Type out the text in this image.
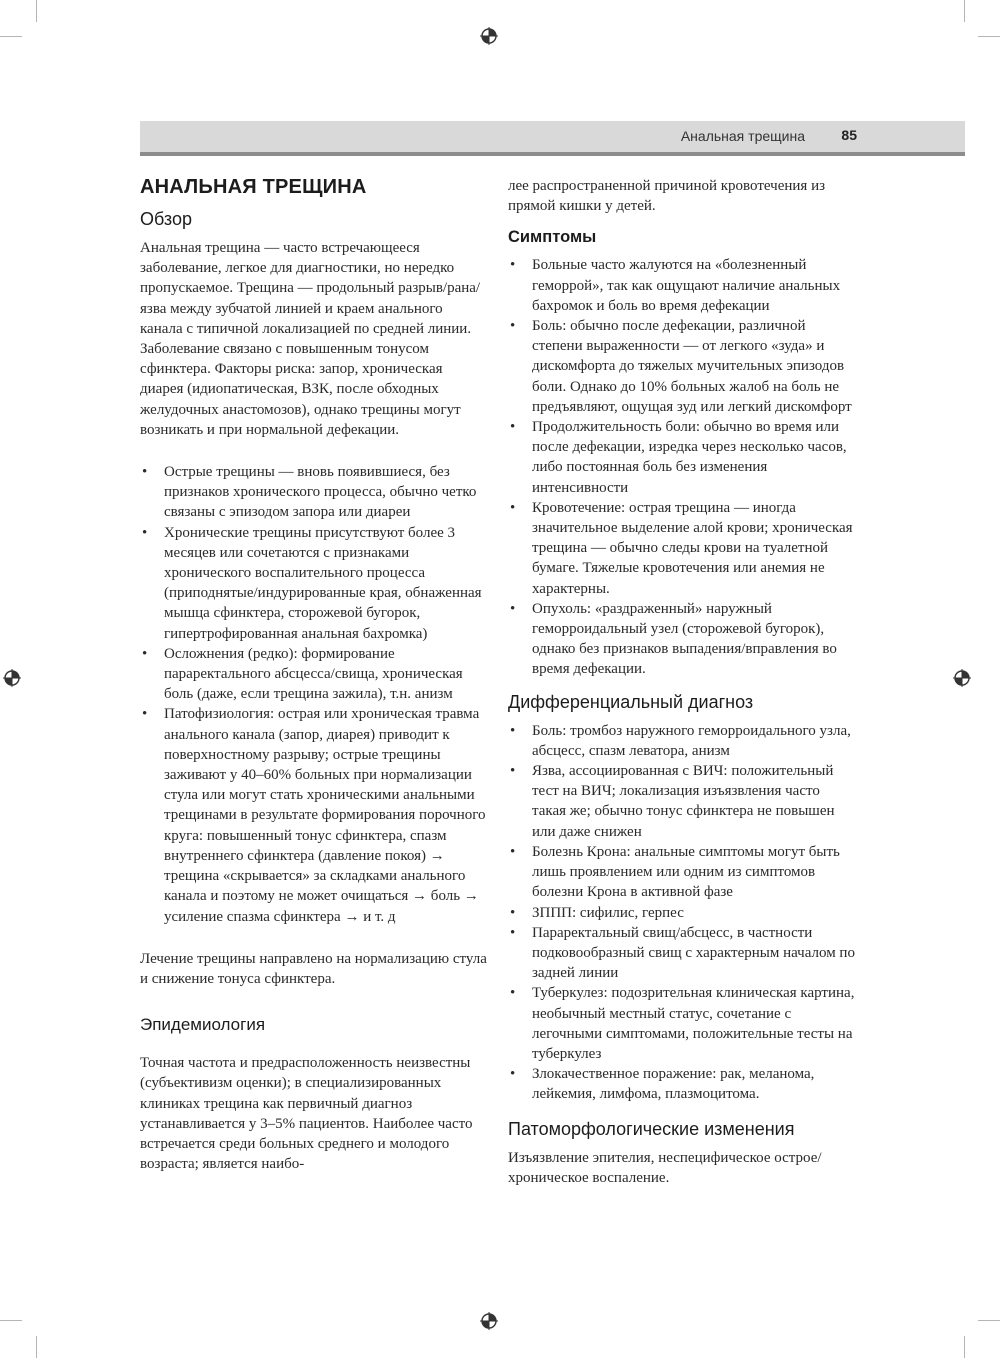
Анальная трещина	85
АНАЛЬНАЯ ТРЕЩИНА
Обзор

Анальная трещина — часто встречающееся заболевание, легкое для диагностики, но нередко пропускаемое. Трещина — продольный разрыв/рана/язва между зубчатой линией и краем анального канала с типичной локализацией по средней линии. Заболевание связано с повышенным тонусом сфинктера. Факторы риска: запор, хроническая диарея (идиопатическая, ВЗК, после обходных желудочных анастомозов), однако трещины могут возникать и при нормальной дефекации.

• Острые трещины — вновь появившиеся, без признаков хронического процесса, обычно четко связаны с эпизодом запора или диареи
• Хронические трещины присутствуют более 3 месяцев или сочетаются с признаками хронического воспалительного процесса (приподнятые/индурированные края, обнаженная мышца сфинктера, сторожевой бугорок, гипертрофированная анальная бахромка)
• Осложнения (редко): формирование параректального абсцесса/свища, хроническая боль (даже, если трещина зажила), т.н. анизм
• Патофизиология: острая или хроническая травма анального канала (запор, диарея) приводит к поверхностному разрыву; острые трещины заживают у 40–60% больных при нормализации стула или могут стать хроническими анальными трещинами в результате формирования порочного круга: повышенный тонус сфинктера, спазм внутреннего сфинктера (давление покоя) → трещина «скрывается» за складками анального канала и поэтому не может очищаться → боль → усиление спазма сфинктера → и т. д

Лечение трещины направлено на нормализацию стула и снижение тонуса сфинктера.

Эпидемиология

Точная частота и предрасположенность неизвестны (субъективизм оценки); в специализированных клиниках трещина как первичный диагноз устанавливается у 3–5% пациентов. Наиболее часто встречается среди больных среднего и молодого возраста; является наибо-

лее распространенной причиной кровотечения из прямой кишки у детей.

Симптомы
• Больные часто жалуются на «болезненный геморрой», так как ощущают наличие анальных бахромок и боль во время дефекации
• Боль: обычно после дефекации, различной степени выраженности — от легкого «зуда» и дискомфорта до тяжелых мучительных эпизодов боли. Однако до 10% больных жалоб на боль не предъявляют, ощущая зуд или легкий дискомфорт
• Продолжительность боли: обычно во время или после дефекации, изредка через несколько часов, либо постоянная боль без изменения интенсивности
• Кровотечение: острая трещина — иногда значительное выделение алой крови; хроническая трещина — обычно следы крови на туалетной бумаге. Тяжелые кровотечения или анемия не характерны.
• Опухоль: «раздраженный» наружный геморроидальный узел (сторожевой бугорок), однако без признаков выпадения/вправления во время дефекации.
Дифференциальный диагноз
• Боль: тромбоз наружного геморроидального узла, абсцесс, спазм леватора, анизм
• Язва, ассоциированная с ВИЧ: положительный тест на ВИЧ; локализация изъязвления часто такая же; обычно тонус сфинктера не повышен или даже снижен
• Болезнь Крона: анальные симптомы могут быть лишь проявлением или одним из симптомов болезни Крона в активной фазе
• ЗППП: сифилис, герпес
• Параректальный свищ/абсцесс, в частности подковообразный свищ с характерным началом по задней линии
• Туберкулез: подозрительная клиническая картина, необычный местный статус, сочетание с легочными симптомами, положительные тесты на туберкулез
• Злокачественное поражение: рак, меланома, лейкемия, лимфома, плазмоцитома.
Патоморфологические изменения

Изъязвление эпителия, неспецифическое острое/хроническое воспаление.
